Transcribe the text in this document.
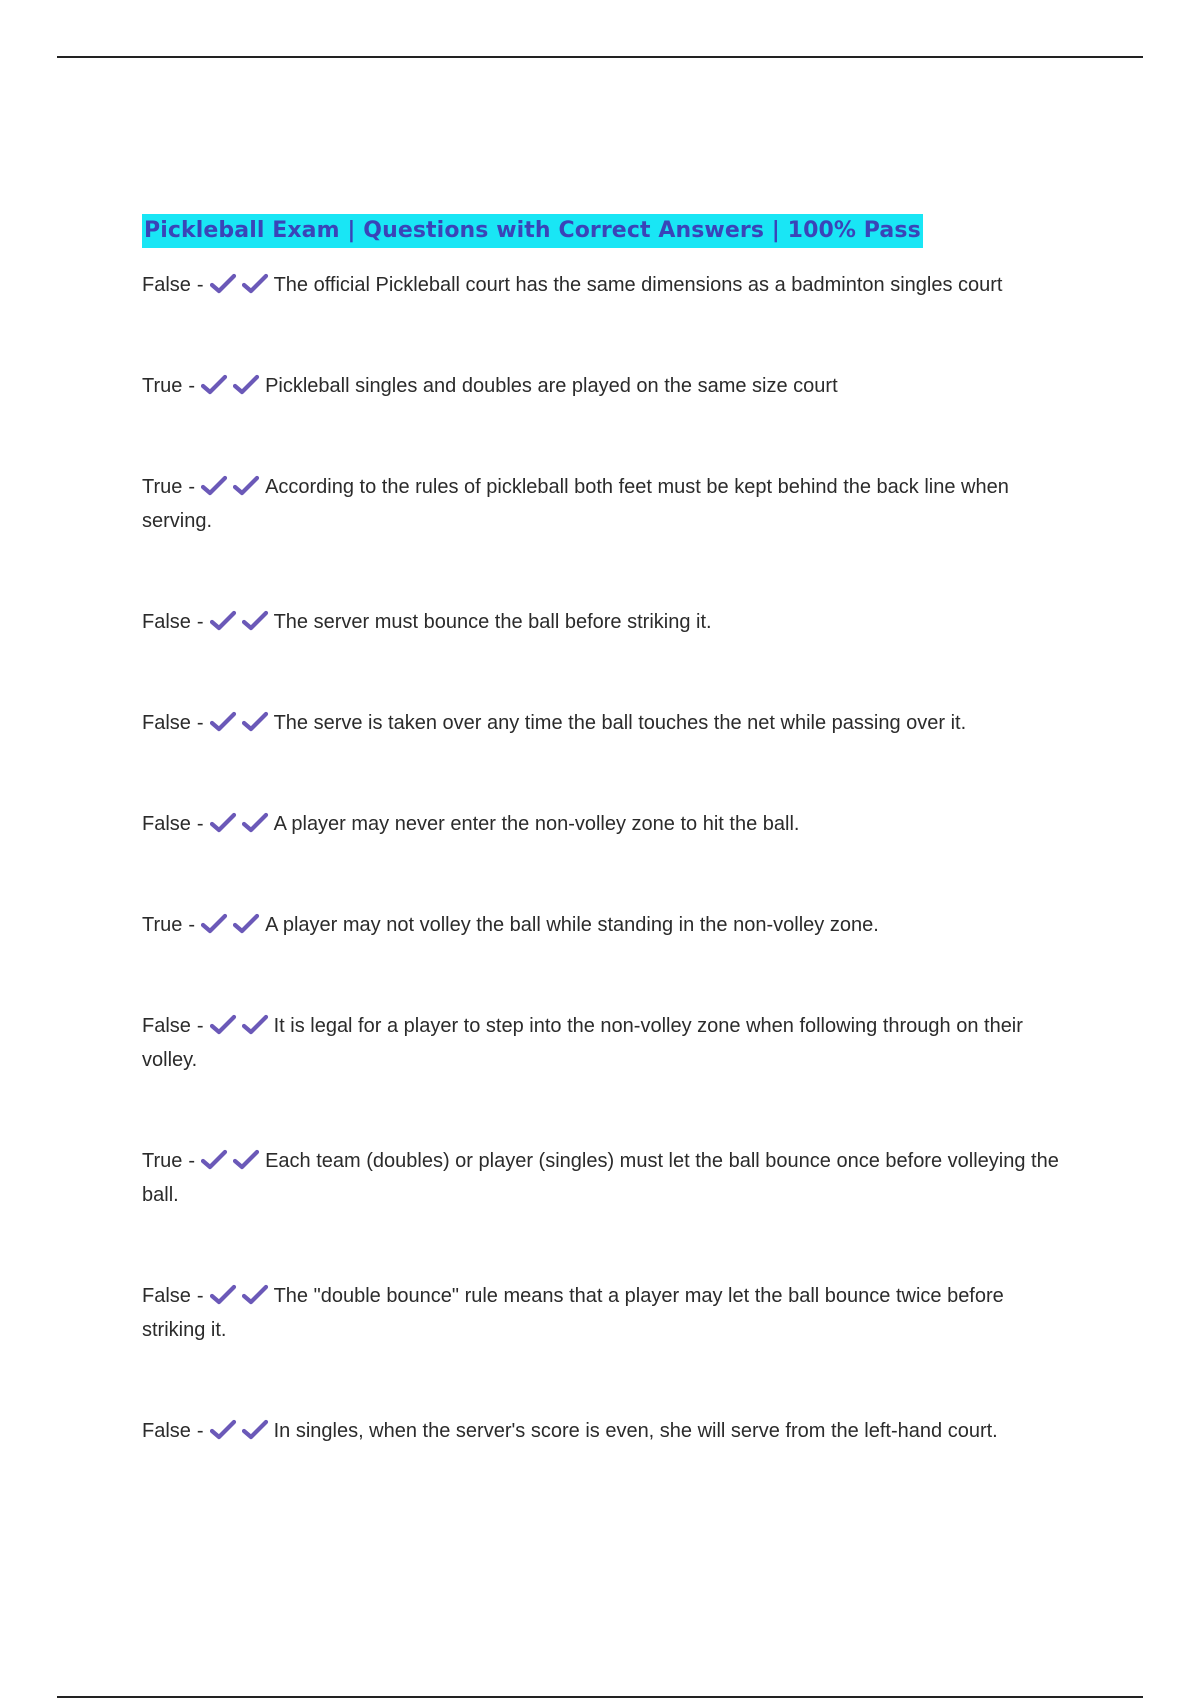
Pickleball Exam | Questions with Correct Answers | 100% Pass
False -	The official Pickleball court has the same dimensions as a badminton singles court
True -	Pickleball singles and doubles are played on the same size court
True -	According to the rules of pickleball both feet must be kept behind the back line when serving.
False -	The server must bounce the ball before striking it.
False -	The serve is taken over any time the ball touches the net while passing over it.
False -	A player may never enter the non-volley zone to hit the ball.
True -	A player may not volley the ball while standing in the non-volley zone.
False -	It is legal for a player to step into the non-volley zone when following through on their volley.
True -	Each team (doubles) or player (singles) must let the ball bounce once before volleying the ball.
False -	The "double bounce" rule means that a player may let the ball bounce twice before striking it.
False -	In singles, when the server's score is even, she will serve from the left-hand court.
